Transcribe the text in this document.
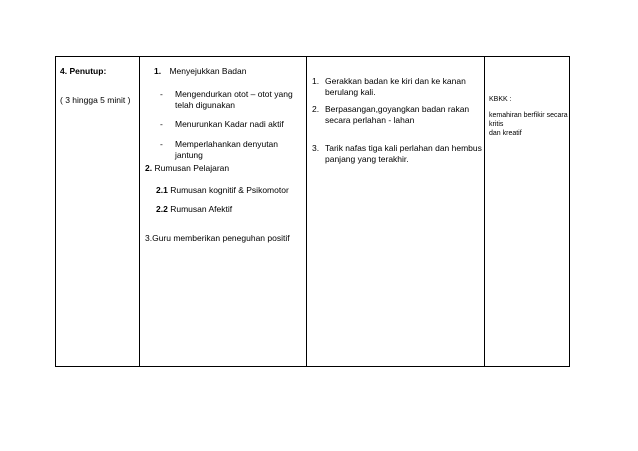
4. Penutup:
( 3 hingga 5 minit )
1. Menyejukkan Badan
- Mengendurkan otot – otot yang
telah digunakan
- Menurunkan Kadar nadi aktif
- Memperlahankan denyutan
jantung
2. Rumusan Pelajaran
2.1 Rumusan kognitif & Psikomotor
2.2 Rumusan Afektif
3.Guru memberikan peneguhan positif
1. Gerakkan badan ke kiri dan ke kanan
berulang kali.
2. Berpasangan,goyangkan badan rakan
secara perlahan - lahan
3. Tarik nafas tiga kali perlahan dan hembus
panjang yang terakhir.
KBKK :
kemahiran berfikir secara kritis
dan kreatif
